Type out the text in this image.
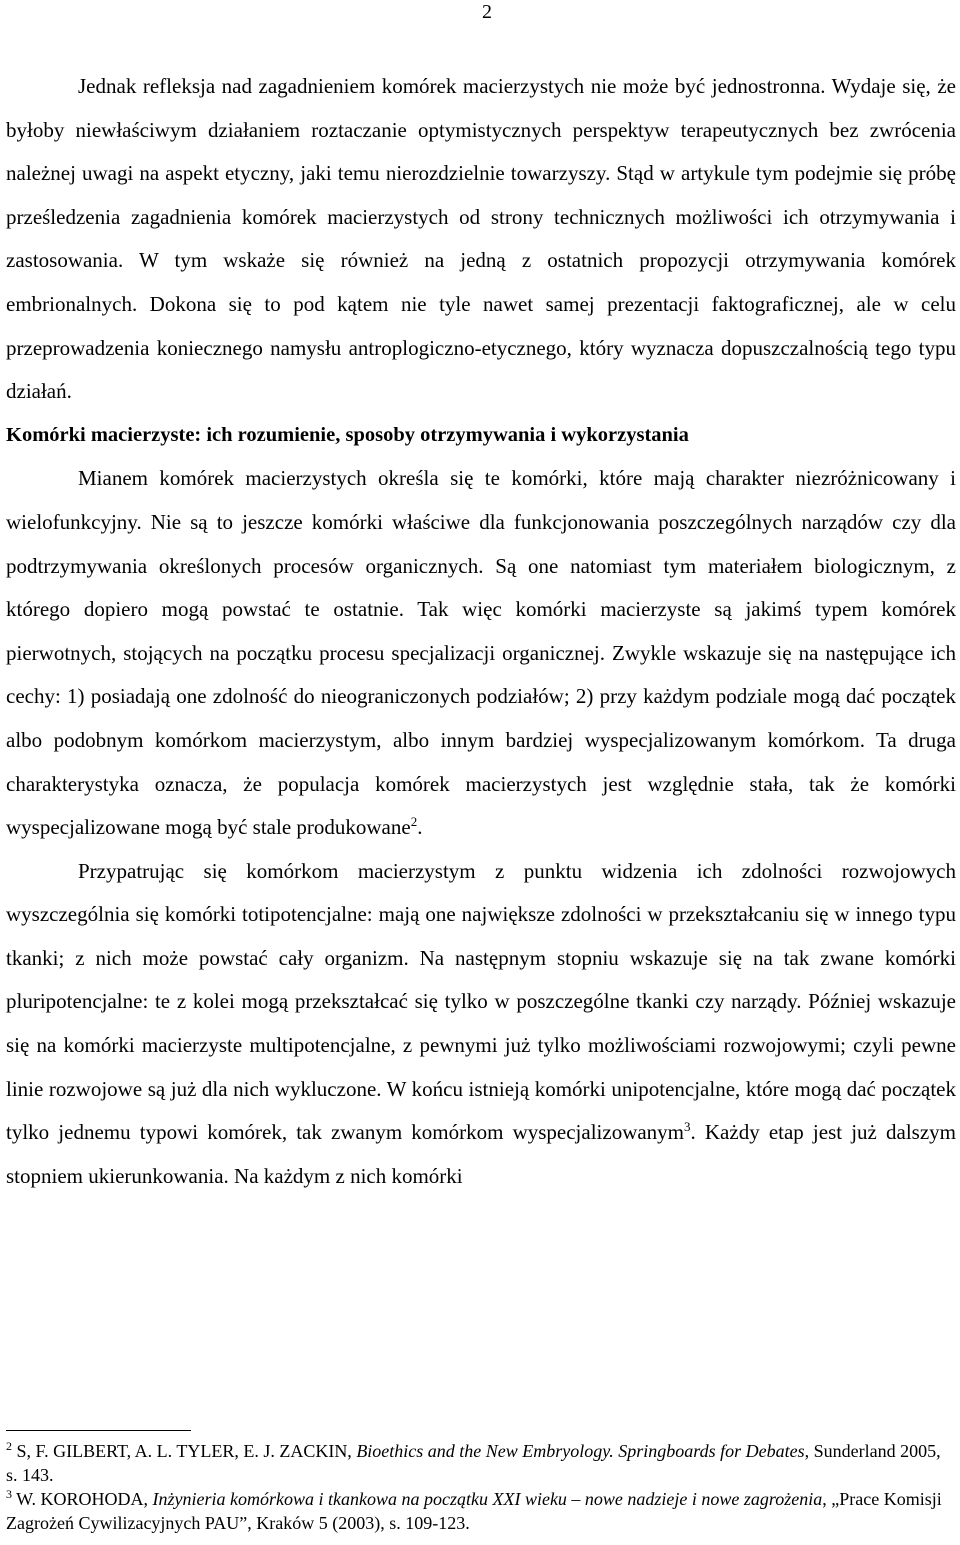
2

Jednak refleksja nad zagadnieniem komórek macierzystych nie może być jednostronna. Wydaje się, że byłoby niewłaściwym działaniem roztaczanie optymistycznych perspektyw terapeutycznych bez zwrócenia należnej uwagi na aspekt etyczny, jaki temu nierozdzielnie towarzyszy. Stąd w artykule tym podejmie się próbę prześledzenia zagadnienia komórek macierzystych od strony technicznych możliwości ich otrzymywania i zastosowania. W tym wskaże się również na jedną z ostatnich propozycji otrzymywania komórek embrionalnych. Dokona się to pod kątem nie tyle nawet samej prezentacji faktograficznej, ale w celu przeprowadzenia koniecznego namysłu antroplogiczno-etycznego, który wyznacza dopuszczalnością tego typu działań.

Komórki macierzyste: ich rozumienie, sposoby otrzymywania i wykorzystania

Mianem komórek macierzystych określa się te komórki, które mają charakter niezróżnicowany i wielofunkcyjny. Nie są to jeszcze komórki właściwe dla funkcjonowania poszczególnych narządów czy dla podtrzymywania określonych procesów organicznych. Są one natomiast tym materiałem biologicznym, z którego dopiero mogą powstać te ostatnie. Tak więc komórki macierzyste są jakimś typem komórek pierwotnych, stojących na początku procesu specjalizacji organicznej. Zwykle wskazuje się na następujące ich cechy: 1) posiadają one zdolność do nieograniczonych podziałów; 2) przy każdym podziale mogą dać początek albo podobnym komórkom macierzystym, albo innym bardziej wyspecjalizowanym komórkom. Ta druga charakterystyka oznacza, że populacja komórek macierzystych jest względnie stała, tak że komórki wyspecjalizowane mogą być stale produkowane$^2$.

Przypatrując się komórkom macierzystym z punktu widzenia ich zdolności rozwojowych wyszczególnia się komórki totipotencjalne: mają one największe zdolności w przekształcaniu się w innego typu tkanki; z nich może powstać cały organizm. Na następnym stopniu wskazuje się na tak zwane komórki pluripotencjalne: te z kolei mogą przekształcać się tylko w poszczególne tkanki czy narządy. Później wskazuje się na komórki macierzyste multipotencjalne, z pewnymi już tylko możliwościami rozwojowymi; czyli pewne linie rozwojowe są już dla nich wykluczone. W końcu istnieją komórki unipotencjalne, które mogą dać początek tylko jednemu typowi komórek, tak zwanym komórkom wyspecjalizowanym$^3$. Każdy etap jest już dalszym stopniem ukierunkowania. Na każdym z nich komórki

$^2$ S, F. GILBERT, A. L. TYLER, E. J. ZACKIN, Bioethics and the New Embryology. Springboards for Debates, Sunderland 2005, s. 143.

$^3$ W. KOROHODA, Inżynieria komórkowa i tkankowa na początku XXI wieku – nowe nadzieje i nowe zagrożenia, „Prace Komisji Zagrożeń Cywilizacyjnych PAU”, Kraków 5 (2003), s. 109-123.
